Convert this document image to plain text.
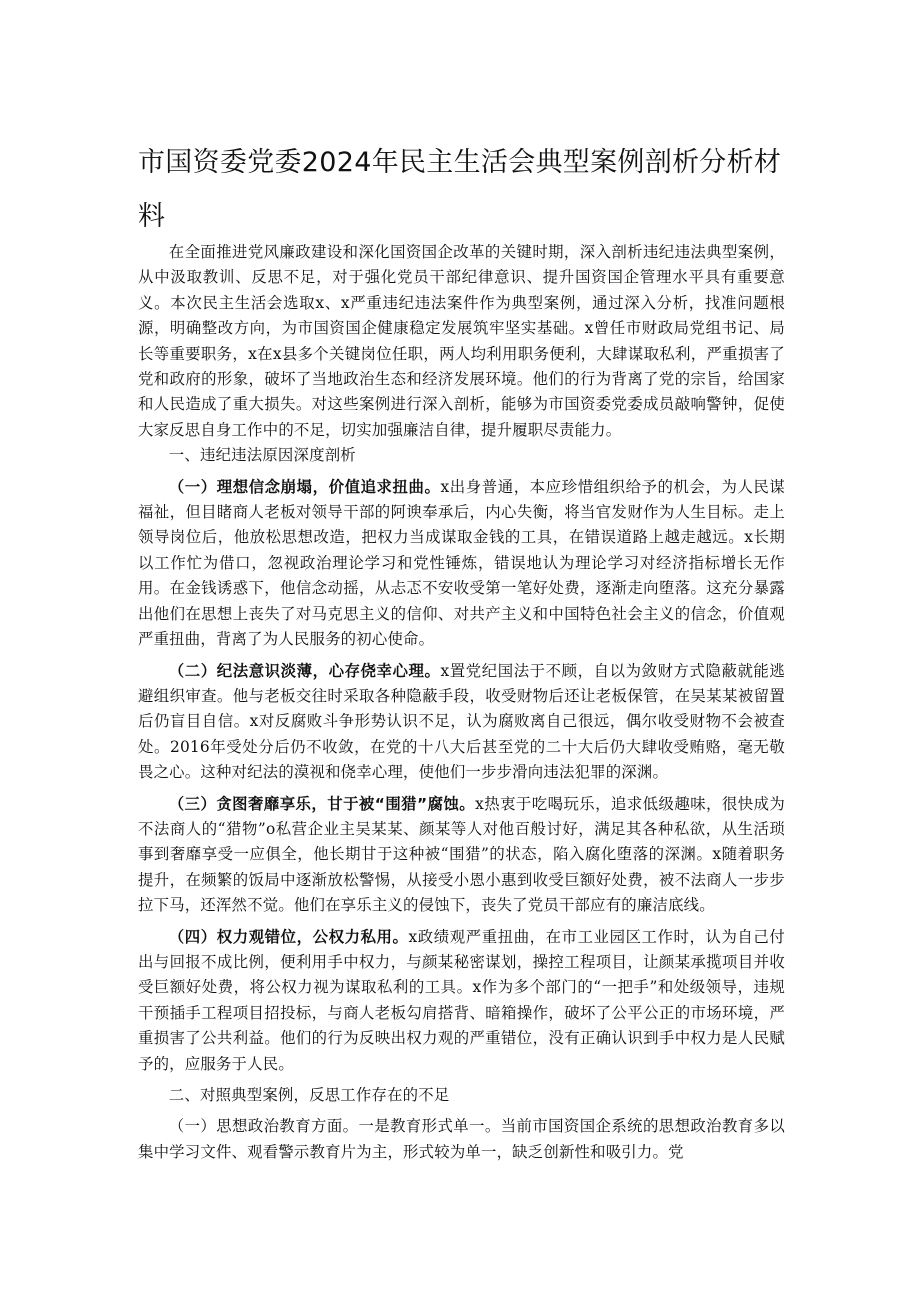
市国资委党委2024年民主生活会典型案例剖析分析材料

在全面推进党风廉政建设和深化国资国企改革的关键时期，深入剖析违纪违法典型案例，从中汲取教训、反思不足，对于强化党员干部纪律意识、提升国资国企管理水平具有重要意义。本次民主生活会选取x、x严重违纪违法案件作为典型案例，通过深入分析，找准问题根源，明确整改方向，为市国资国企健康稳定发展筑牢坚实基础。x曾任市财政局党组书记、局长等重要职务，x在x县多个关键岗位任职，两人均利用职务便利，大肆谋取私利，严重损害了党和政府的形象，破坏了当地政治生态和经济发展环境。他们的行为背离了党的宗旨，给国家和人民造成了重大损失。对这些案例进行深入剖析，能够为市国资委党委成员敲响警钟，促使大家反思自身工作中的不足，切实加强廉洁自律，提升履职尽责能力。

一、违纪违法原因深度剖析

（一）理想信念崩塌，价值追求扭曲。x出身普通，本应珍惜组织给予的机会，为人民谋福祉，但目睹商人老板对领导干部的阿谀奉承后，内心失衡，将当官发财作为人生目标。走上领导岗位后，他放松思想改造，把权力当成谋取金钱的工具，在错误道路上越走越远。x长期以工作忙为借口，忽视政治理论学习和党性锤炼，错误地认为理论学习对经济指标增长无作用。在金钱诱惑下，他信念动摇，从忐忑不安收受第一笔好处费，逐渐走向堕落。这充分暴露出他们在思想上丧失了对马克思主义的信仰、对共产主义和中国特色社会主义的信念，价值观严重扭曲，背离了为人民服务的初心使命。

（二）纪法意识淡薄，心存侥幸心理。x置党纪国法于不顾，自以为敛财方式隐蔽就能逃避组织审查。他与老板交往时采取各种隐蔽手段，收受财物后还让老板保管，在吴某某被留置后仍盲目自信。x对反腐败斗争形势认识不足，认为腐败离自己很远，偶尔收受财物不会被查处。2016年受处分后仍不收敛，在党的十八大后甚至党的二十大后仍大肆收受贿赂，毫无敬畏之心。这种对纪法的漠视和侥幸心理，使他们一步步滑向违法犯罪的深渊。

（三）贪图奢靡享乐，甘于被“围猎”腐蚀。x热衷于吃喝玩乐，追求低级趣味，很快成为不法商人的“猎物”o私营企业主吴某某、颜某等人对他百般讨好，满足其各种私欲，从生活琐事到奢靡享受一应俱全，他长期甘于这种被“围猎”的状态，陷入腐化堕落的深渊。x随着职务提升，在频繁的饭局中逐渐放松警惕，从接受小恩小惠到收受巨额好处费，被不法商人一步步拉下马，还浑然不觉。他们在享乐主义的侵蚀下，丧失了党员干部应有的廉洁底线。

（四）权力观错位，公权力私用。x政绩观严重扭曲，在市工业园区工作时，认为自己付出与回报不成比例，便利用手中权力，与颜某秘密谋划，操控工程项目，让颜某承揽项目并收受巨额好处费，将公权力视为谋取私利的工具。x作为多个部门的“一把手”和处级领导，违规干预插手工程项目招投标，与商人老板勾肩搭背、暗箱操作，破坏了公平公正的市场环境，严重损害了公共利益。他们的行为反映出权力观的严重错位，没有正确认识到手中权力是人民赋予的，应服务于人民。

二、对照典型案例，反思工作存在的不足

（一）思想政治教育方面。一是教育形式单一。当前市国资国企系统的思想政治教育多以集中学习文件、观看警示教育片为主，形式较为单一，缺乏创新性和吸引力。党
